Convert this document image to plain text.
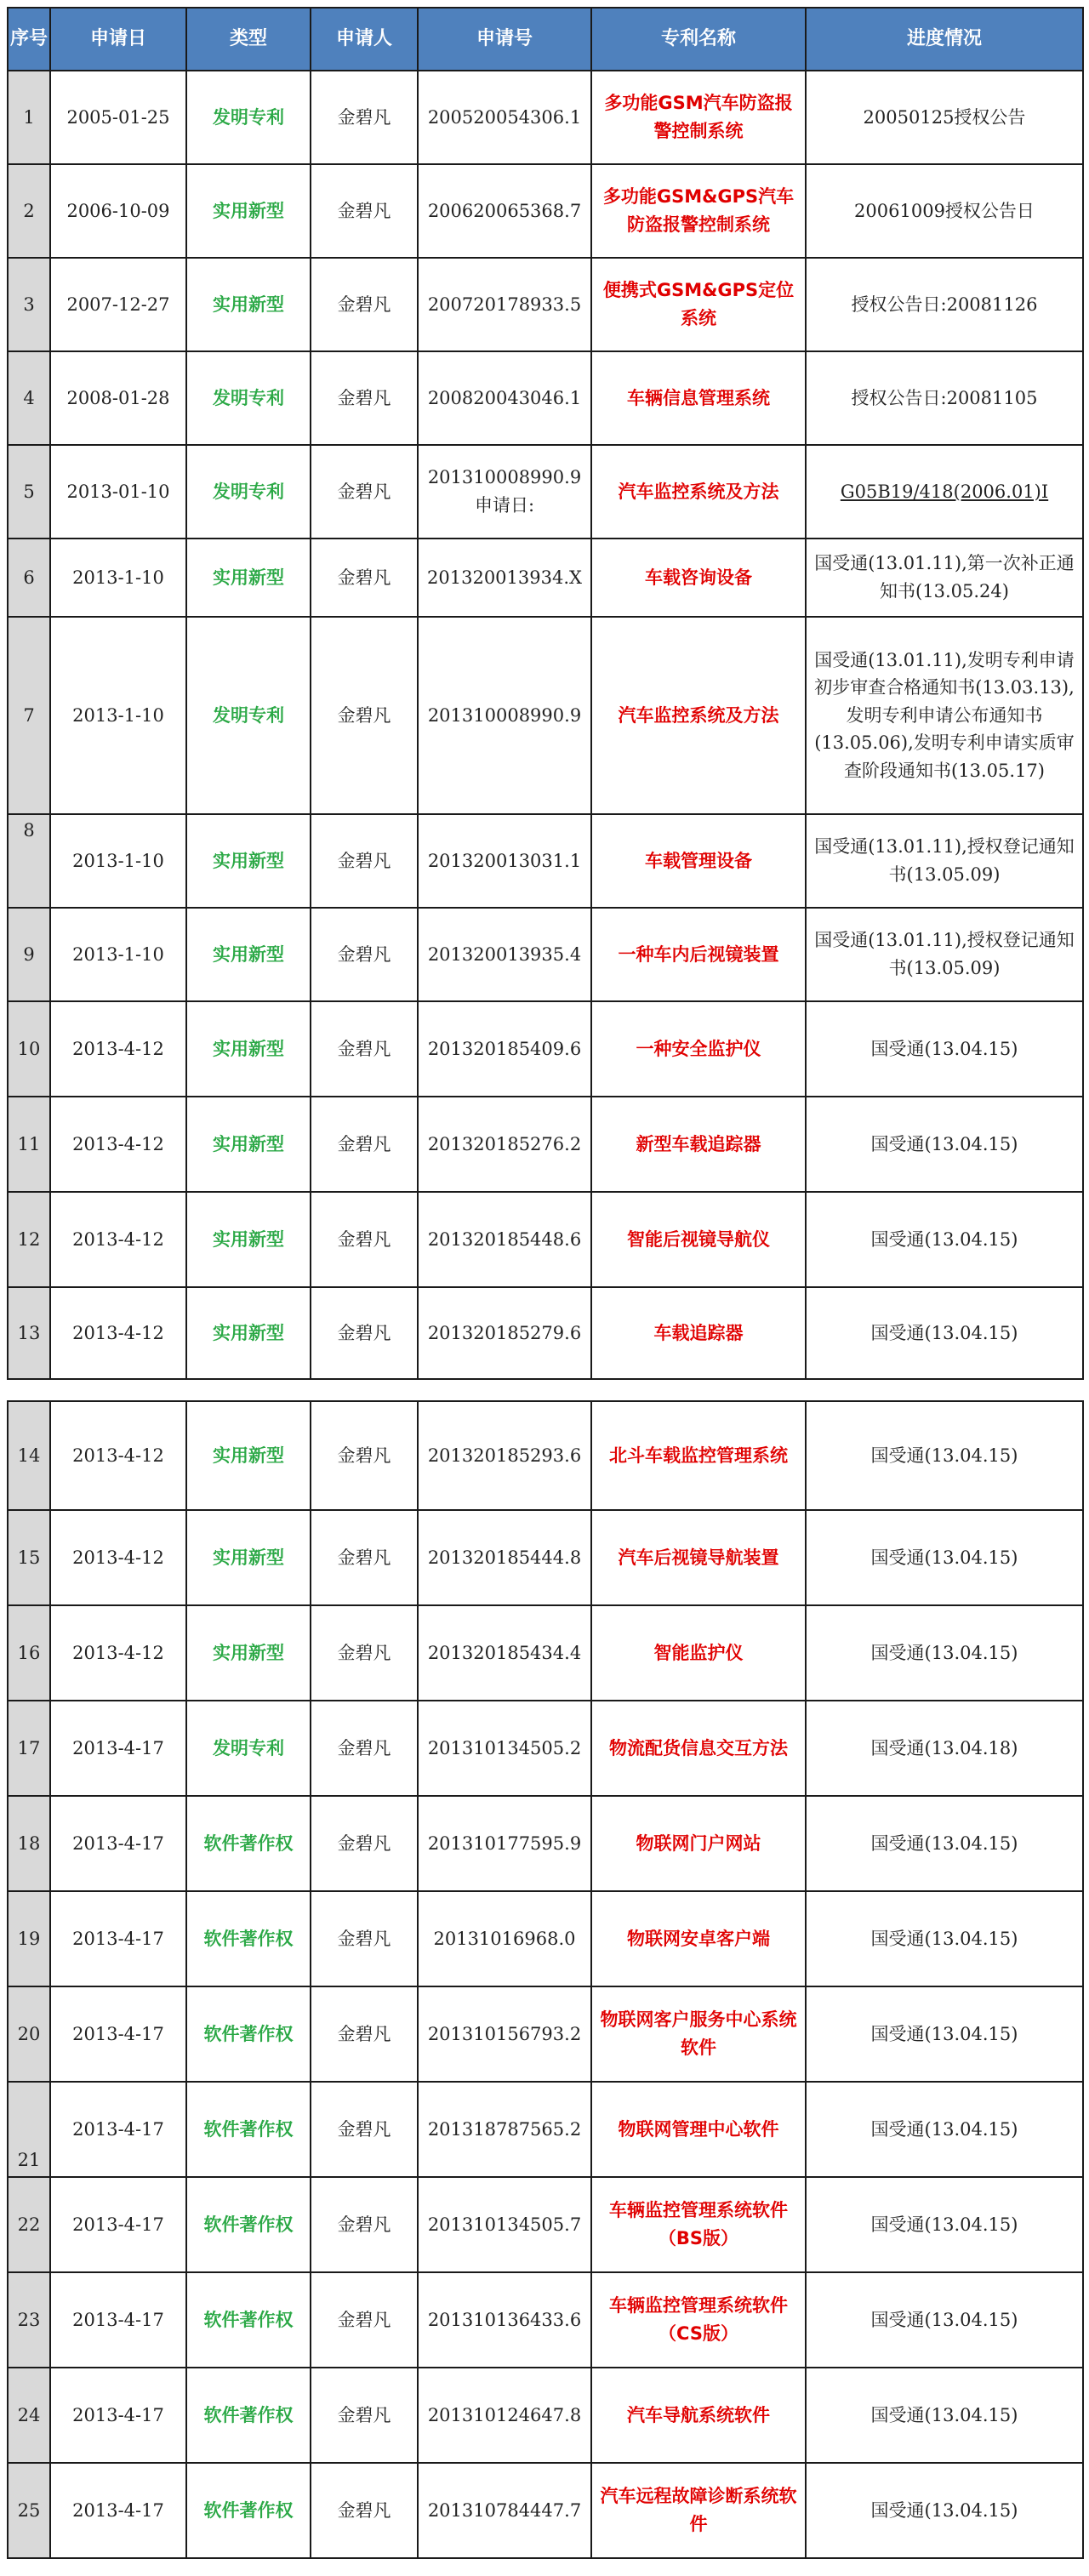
序号	申请日	类型	申请人	申请号	专利名称	进度情况
1	2005-01-25	发明专利	金碧凡	200520054306.1	多功能GSM汽车防盗报警控制系统	20050125授权公告
2	2006-10-09	实用新型	金碧凡	200620065368.7	多功能GSM&GPS汽车防盗报警控制系统	20061009授权公告日
3	2007-12-27	实用新型	金碧凡	200720178933.5	便携式GSM&GPS定位系统	授权公告日:20081126
4	2008-01-28	发明专利	金碧凡	200820043046.1	车辆信息管理系统	授权公告日:20081105
5	2013-01-10	发明专利	金碧凡	201310008990.9 申请日:	汽车监控系统及方法	G05B19/418(2006.01)I
6	2013-1-10	实用新型	金碧凡	201320013934.X	车载咨询设备	国受通(13.01.11),第一次补正通知书(13.05.24)
7	2013-1-10	发明专利	金碧凡	201310008990.9	汽车监控系统及方法	国受通(13.01.11),发明专利申请初步审查合格通知书(13.03.13),发明专利申请公布通知书(13.05.06),发明专利申请实质审查阶段通知书(13.05.17)
8	2013-1-10	实用新型	金碧凡	201320013031.1	车载管理设备	国受通(13.01.11),授权登记通知书(13.05.09)
9	2013-1-10	实用新型	金碧凡	201320013935.4	一种车内后视镜装置	国受通(13.01.11),授权登记通知书(13.05.09)
10	2013-4-12	实用新型	金碧凡	201320185409.6	一种安全监护仪	国受通(13.04.15)
11	2013-4-12	实用新型	金碧凡	201320185276.2	新型车载追踪器	国受通(13.04.15)
12	2013-4-12	实用新型	金碧凡	201320185448.6	智能后视镜导航仪	国受通(13.04.15)
13	2013-4-12	实用新型	金碧凡	201320185279.6	车载追踪器	国受通(13.04.15)
14	2013-4-12	实用新型	金碧凡	201320185293.6	北斗车载监控管理系统	国受通(13.04.15)
15	2013-4-12	实用新型	金碧凡	201320185444.8	汽车后视镜导航装置	国受通(13.04.15)
16	2013-4-12	实用新型	金碧凡	201320185434.4	智能监护仪	国受通(13.04.15)
17	2013-4-17	发明专利	金碧凡	201310134505.2	物流配货信息交互方法	国受通(13.04.18)
18	2013-4-17	软件著作权	金碧凡	201310177595.9	物联网门户网站	国受通(13.04.15)
19	2013-4-17	软件著作权	金碧凡	20131016968.0	物联网安卓客户端	国受通(13.04.15)
20	2013-4-17	软件著作权	金碧凡	201310156793.2	物联网客户服务中心系统软件	国受通(13.04.15)
21	2013-4-17	软件著作权	金碧凡	201318787565.2	物联网管理中心软件	国受通(13.04.15)
22	2013-4-17	软件著作权	金碧凡	201310134505.7	车辆监控管理系统软件（BS版）	国受通(13.04.15)
23	2013-4-17	软件著作权	金碧凡	201310136433.6	车辆监控管理系统软件（CS版）	国受通(13.04.15)
24	2013-4-17	软件著作权	金碧凡	201310124647.8	汽车导航系统软件	国受通(13.04.15)
25	2013-4-17	软件著作权	金碧凡	201310784447.7	汽车远程故障诊断系统软件	国受通(13.04.15)
